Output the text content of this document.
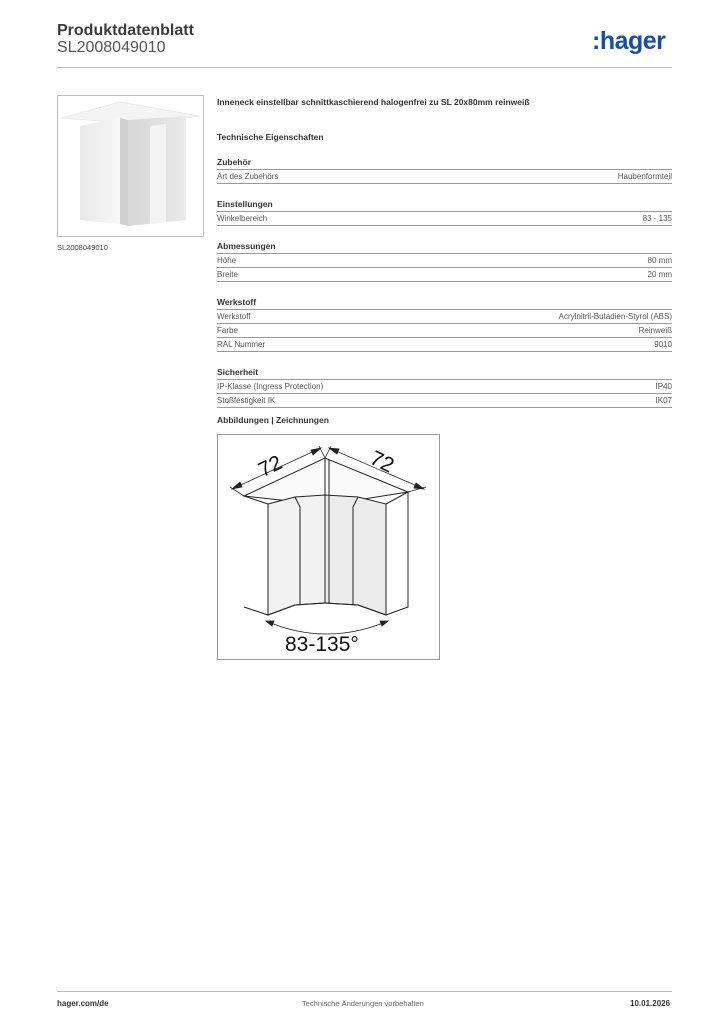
Produktdatenblatt
SL2008049010	:hager
SL2008049010
Inneneck einstellbar schnittkaschierend halogenfrei zu SL 20x80mm reinweiß
Technische Eigenschaften
Zubehör
Art des Zubehörs	Haubenformteil
Einstellungen
Winkelbereich	83 - 135
Abmessungen
Höhe	80 mm
Breite	20 mm
Werkstoff
Werkstoff	Acrylnitril-Butadien-Styrol (ABS)
Farbe	Reinweiß
RAL Nummer	9010
Sicherheit
IP-Klasse (Ingress Protection)	IP40
Stoßfestigkeit IK	IK07
Abbildungen | Zeichnungen
72	72
83-135°
hager.com/de	Technische Änderungen vorbehalten	10.01.2026
